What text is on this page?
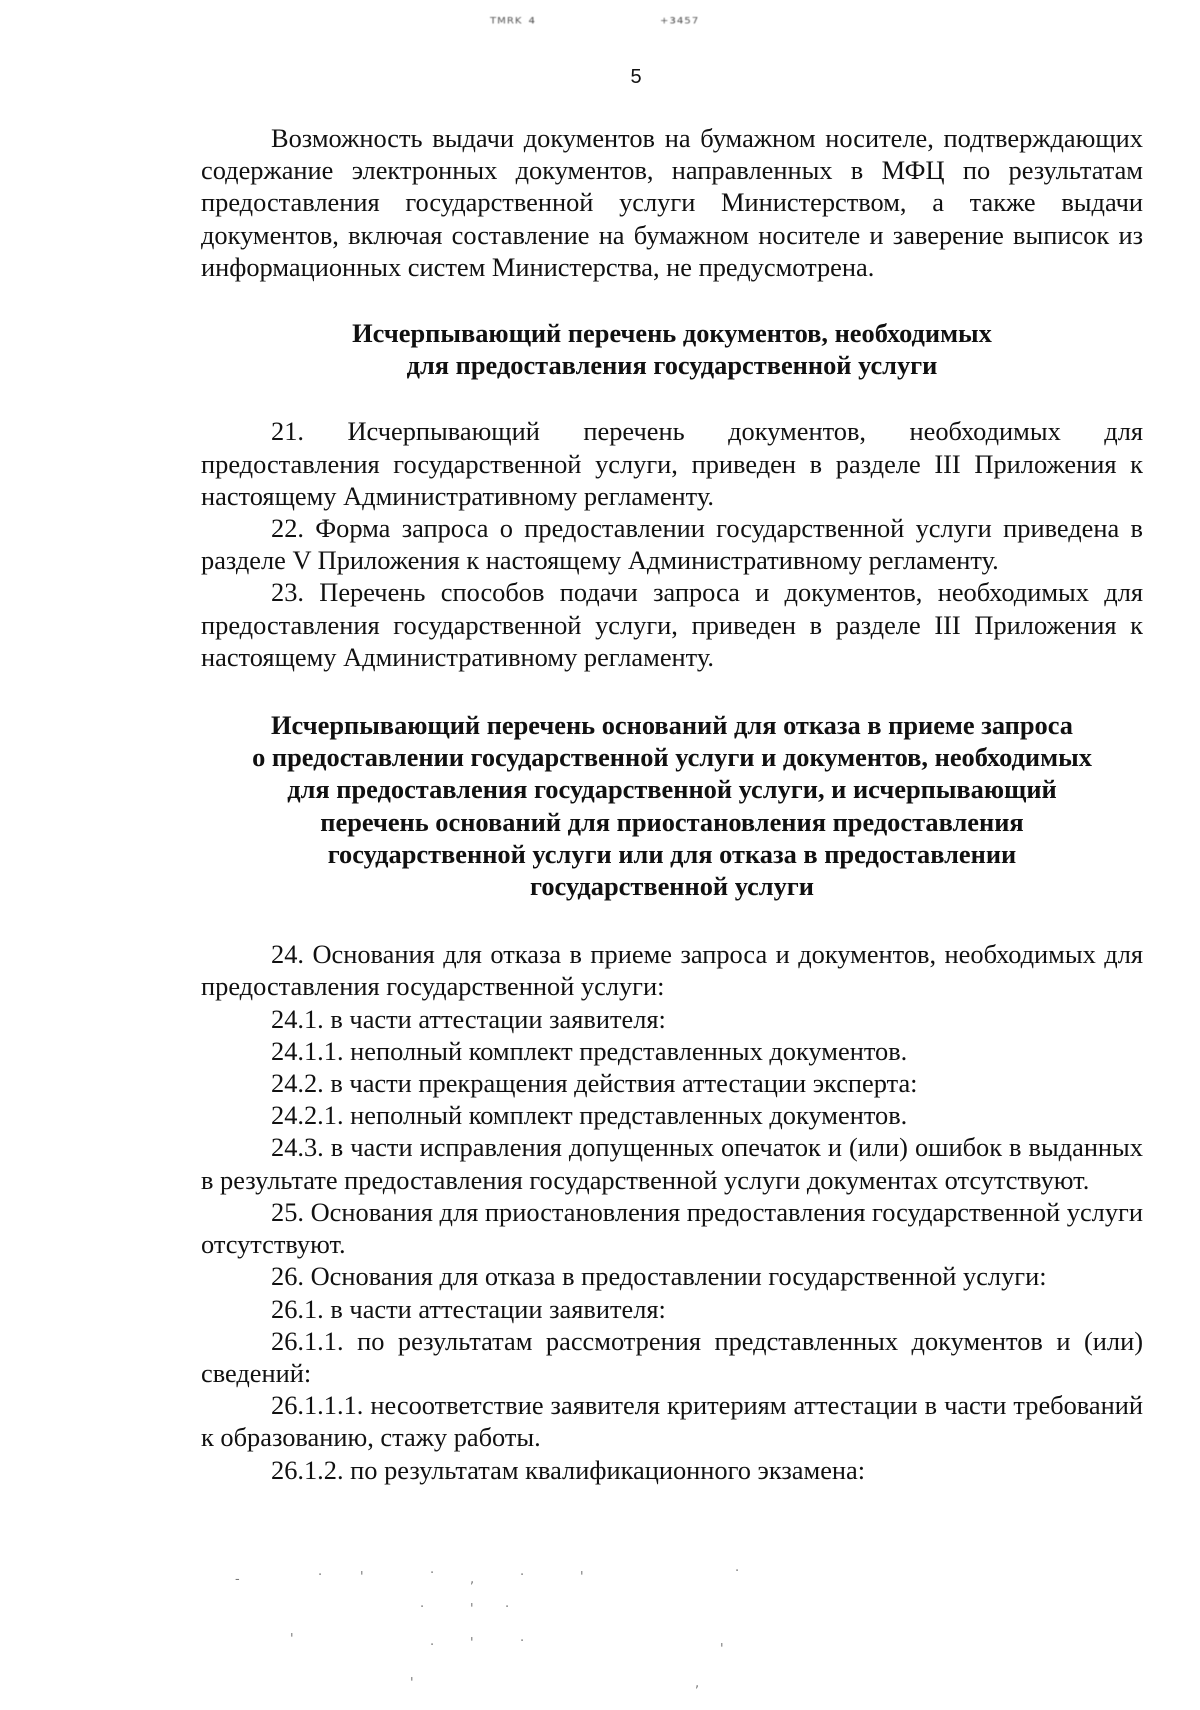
ᵀᴹᴿᴷ ⁴	⁺³⁴⁵⁷
5

Возможность выдачи документов на бумажном носителе, подтверждающих содержание электронных документов, направленных в МФЦ по результатам предоставления государственной услуги Министерством, а также выдачи документов, включая составление на бумажном носителе и заверение выписок из информационных систем Министерства, не предусмотрена.

Исчерпывающий перечень документов, необходимых
для предоставления государственной услуги

21. Исчерпывающий перечень документов, необходимых для предоставления государственной услуги, приведен в разделе III Приложения к настоящему Административному регламенту.

22. Форма запроса о предоставлении государственной услуги приведена в разделе V Приложения к настоящему Административному регламенту.

23. Перечень способов подачи запроса и документов, необходимых для предоставления государственной услуги, приведен в разделе III Приложения к настоящему Административному регламенту.

Исчерпывающий перечень оснований для отказа в приеме запроса
о предоставлении государственной услуги и документов, необходимых
для предоставления государственной услуги, и исчерпывающий
перечень оснований для приостановления предоставления
государственной услуги или для отказа в предоставлении
государственной услуги

24. Основания для отказа в приеме запроса и документов, необходимых для предоставления государственной услуги:

24.1. в части аттестации заявителя:

24.1.1. неполный комплект представленных документов.

24.2. в части прекращения действия аттестации эксперта:

24.2.1. неполный комплект представленных документов.

24.3. в части исправления допущенных опечаток и (или) ошибок в выданных в результате предоставления государственной услуги документах отсутствуют.

25. Основания для приостановления предоставления государственной услуги отсутствуют.

26. Основания для отказа в предоставлении государственной услуги:

26.1. в части аттестации заявителя:

26.1.1. по результатам рассмотрения представленных документов и (или) сведений:

26.1.1.1. несоответствие заявителя критериям аттестации в части требований к образованию, стажу работы.

26.1.2. по результатам квалификационного экзамена:

-	·	'	·	,	·	'	·
·	' ·
'	·	'	·
'
'	,
